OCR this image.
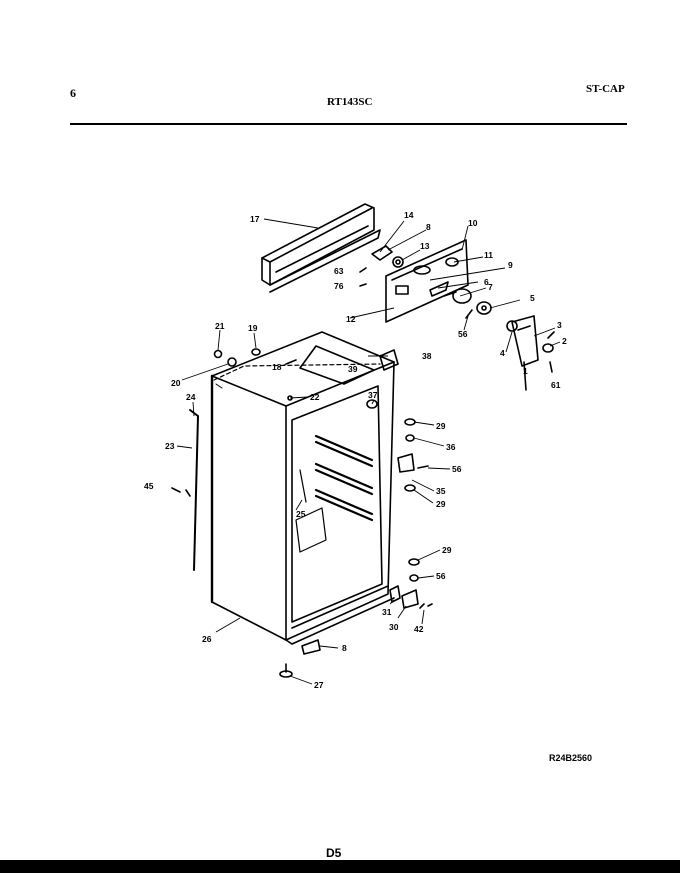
6
RT143SC
ST-CAP
17	14
8
13
10
11
9
63
76	6 7
5
12
56
3
2
4
1
61
21	19
18
38
39
20
24	22	37
29
36
23
56
35
45
29
25
29
56
31
30 42
26
8
27
R24B2560
D5
